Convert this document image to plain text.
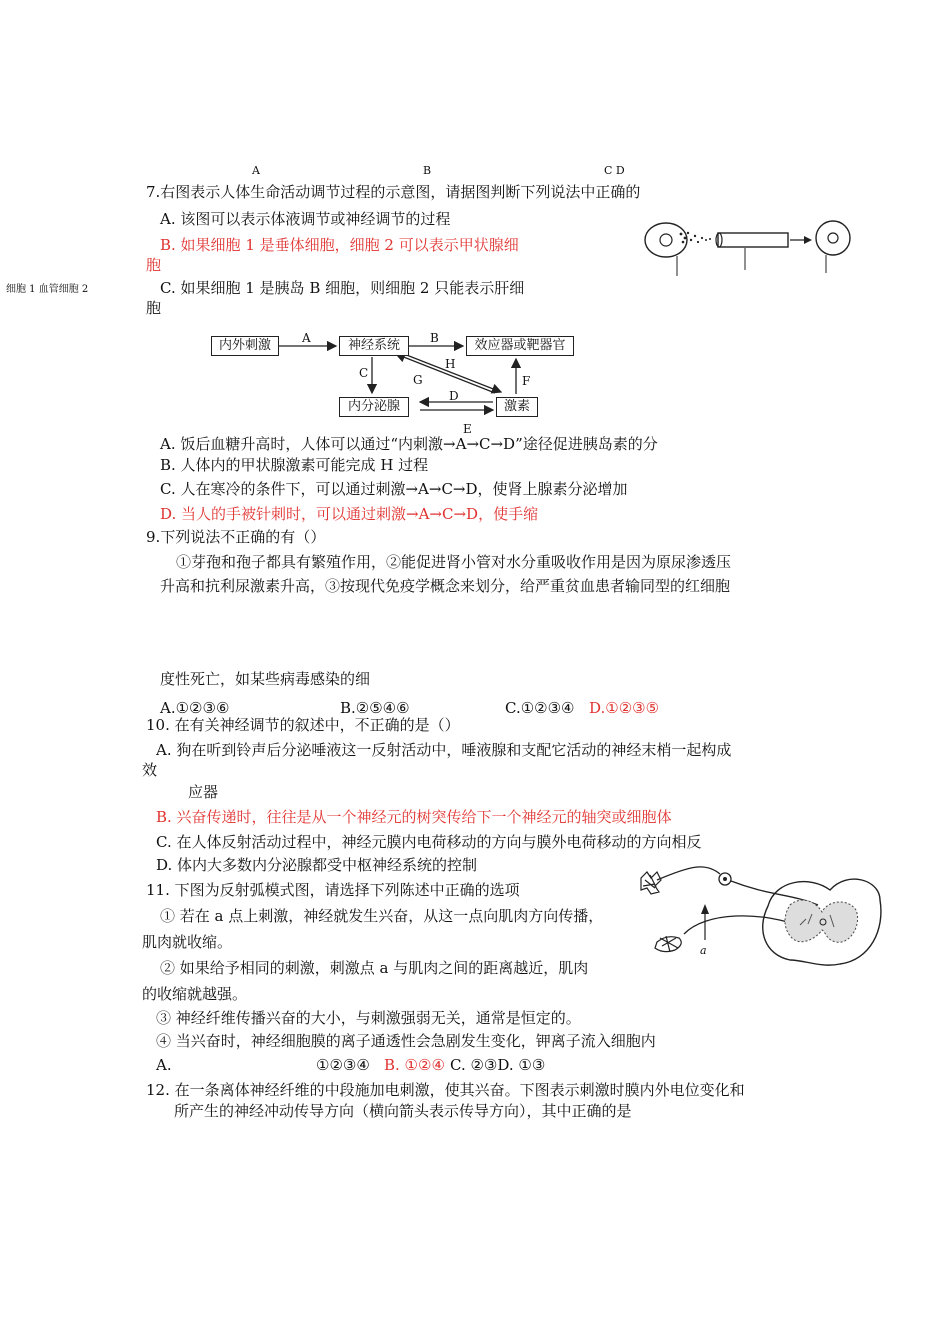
A	B	C D
7.右图表示人体生命活动调节过程的示意图，请据图判断下列说法中正确的
A. 该图可以表示体液调节或神经调节的过程
B. 如果细胞 1 是垂体细胞，细胞 2 可以表示甲状腺细
胞
细胞 1 血管细胞 2	C. 如果细胞 1 是胰岛 B 细胞，则细胞 2 只能表示肝细
胞
内外刺激	神经系统	效应器或靶器官
内分泌腺	激素
A	B
C
D
E
F
G
H
A. 饭后血糖升高时，人体可以通过“内刺激→A→C→D”途径促进胰岛素的分
B. 人体内的甲状腺激素可能完成 H 过程
C. 人在寒冷的条件下，可以通过刺激→A→C→D，使肾上腺素分泌增加
D. 当人的手被针刺时，可以通过刺激→A→C→D，使手缩
9.下列说法不正确的有（）
①芽孢和孢子都具有繁殖作用，②能促进肾小管对水分重吸收作用是因为原尿渗透压
升高和抗利尿激素升高，③按现代免疫学概念来划分，给严重贫血患者输同型的红细胞
度性死亡，如某些病毒感染的细
A.①②③⑥	B.②⑤④⑥	C.①②③④ D.①②③⑤
10. 在有关神经调节的叙述中，不正确的是（）
A. 狗在听到铃声后分泌唾液这一反射活动中，唾液腺和支配它活动的神经末梢一起构成
效
应器
B. 兴奋传递时，往往是从一个神经元的树突传给下一个神经元的轴突或细胞体
C. 在人体反射活动过程中，神经元膜内电荷移动的方向与膜外电荷移动的方向相反
D. 体内大多数内分泌腺都受中枢神经系统的控制
11. 下图为反射弧模式图，请选择下列陈述中正确的选项
① 若在 a 点上刺激，神经就发生兴奋，从这一点向肌肉方向传播，
肌肉就收缩。
② 如果给予相同的刺激，刺激点 a 与肌肉之间的距离越近，肌肉
的收缩就越强。
③ 神经纤维传播兴奋的大小，与刺激强弱无关，通常是恒定的。
④ 当兴奋时，神经细胞膜的离子通透性会急剧发生变化，钾离子流入细胞内
A.	①②③④ B. ①②④ C. ②③D. ①③
a
12. 在一条离体神经纤维的中段施加电刺激，使其兴奋。下图表示刺激时膜内外电位变化和
所产生的神经冲动传导方向（横向箭头表示传导方向），其中正确的是
